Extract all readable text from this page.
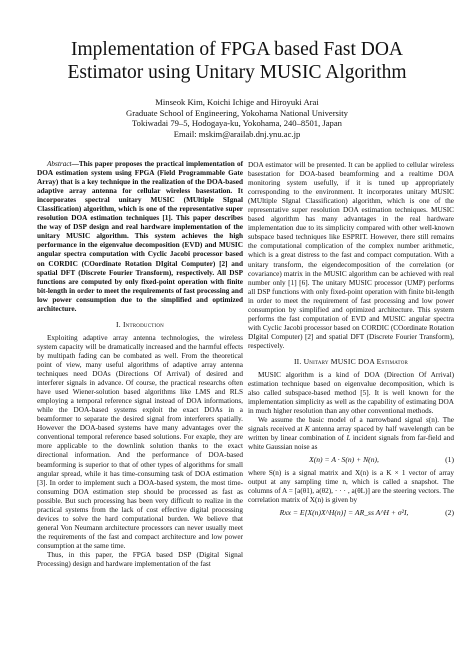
Implementation of FPGA based Fast DOA
Estimator using Unitary MUSIC Algorithm
Minseok Kim, Koichi Ichige and Hiroyuki Arai
Graduate School of Engineering, Yokohama National University
Tokiwadai 79–5, Hodogaya-ku, Yokohama, 240–8501, Japan
Email: mskim@arailab.dnj.ynu.ac.jp

Abstract—This paper proposes the practical implementation of DOA estimation system using FPGA (Field Programmable Gate Array) that is a key technique in the realization of the DOA-based adaptive array antenna for cellular wireless basestation. It incorporates spectral unitary MUSIC (MUltiple SIgnal Classification) algorithm, which is one of the representative super resolution DOA estimation techniques [1]. This paper describes the way of DSP design and real hardware implementation of the unitary MUSIC algorithm. This system achieves the high performance in the eigenvalue decomposition (EVD) and MUSIC angular spectra computation with Cyclic Jacobi processor based on CORDIC (COordinate Rotation DIgital Computer) [2] and spatial DFT (Discrete Fourier Transform), respectively. All DSP functions are computed by only fixed-point operation with finite bit-length in order to meet the requirements of fast processing and low power consumption due to the simplified and optimized architecture.

I. Introduction

Exploiting adaptive array antenna technologies, the wireless system capacity will be dramatically increased and the harmful effects by multipath fading can be combated as well. From the theoretical point of view, many useful algorithms of adaptive array antenna techniques need DOAs (Directions Of Arrival) of desired and interferer signals in advance. Of course, the practical researchs often have used Wiener-solution based algorithms like LMS and RLS employing a temporal reference signal instead of DOA informations, while the DOA-based systems exploit the exact DOAs in a beamformer to separate the desired signal from interferers spatially. However the DOA-based systems have many advantages over the conventional temporal reference based solutions. For exaple, they are more applicable to the downlink solution thanks to the exact directional information. And the performance of DOA-based beamforming is superior to that of other types of algorithms for small angular spread, while it has time-consuming task of DOA estimation [3]. In order to implement such a DOA-based system, the most time-consuming DOA estimation step should be processed as fast as possible. But such processing has been very difficult to realize in the practical systems from the lack of cost effective digital processing devices to solve the hard computational burden. We believe that general Von Neumann architecture processors can never usually meet the requirements of the fast and compact architecture and low power consumption at the same time.

Thus, in this paper, the FPGA based DSP (Digital Signal Processing) design and hardware implementation of the fast

DOA estimator will be presented. It can be applied to cellular wireless basestation for DOA-based beamforming and a realtime DOA monitoring system usefully, if it is tuned up appropriately corresponding to the environment. It incorporates unitary MUSIC (MUltiple SIgnal Classification) algorithm, which is one of the representative super resolution DOA estimation techniques. MUSIC based algorithm has many advantages in the real hardware implementation due to its simplicity compared with other well-known subspace based techniques like ESPRIT. However, there still remains the computational complication of the complex number arithmetic, which is a great distress to the fast and compact computation. With a unitary transform, the eigendecomposition of the correlation (or covariance) matrix in the MUSIC algorithm can be achieved with real number only [1] [6]. The unitary MUSIC processor (UMP) performs all DSP functions with only fixed-point operation with finite bit-length in order to meet the requirement of fast processing and low power consumption by simplified and optimized architecture. This system performs the fast computation of EVD and MUSIC angular spectra with Cyclic Jacobi processor based on CORDIC (COordinate Rotation DIgital Computer) [2] and spatial DFT (Discrete Fourier Transform), respectively.

II. Unitary MUSIC DOA Estimator

MUSIC algorithm is a kind of DOA (Direction Of Arrival) estimation technique based on eigenvalue decomposition, which is also called subspace-based method [5]. It is well known for the implementation simplicity as well as the capability of estimating DOA in much higher resolution than any other conventional methods.

We assume the basic model of a narrowband signal s(n). The signals received at K antenna array spaced by half wavelength can be written by linear combination of L incident signals from far-field and white Gaussian noise as

X(n) = A · S(n) + N(n),	(1)

where S(n) is a signal matrix and X(n) is a K × 1 vector of array output at any sampling time n, which is called a snapshot. The columns of A = [a(θ1), a(θ2), · · · , a(θL)] are the steering vectors. The correlation matrix of X(n) is given by

Rxx = E[X(n)X^H(n)] = AR_ss A^H + σ²I,	(2)
